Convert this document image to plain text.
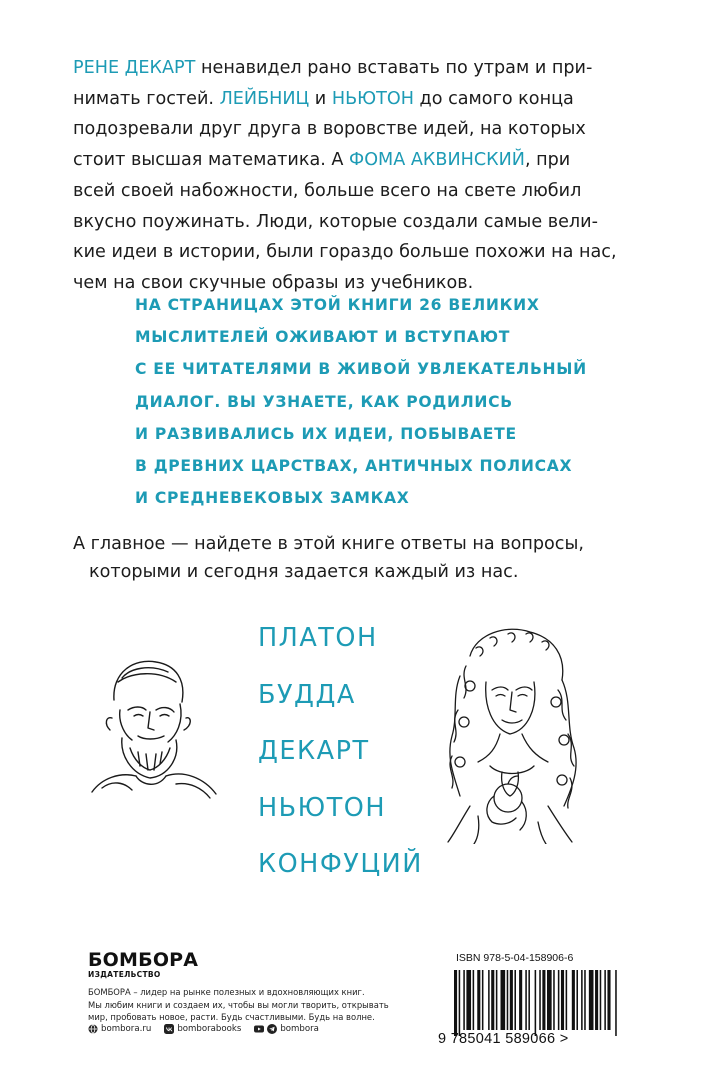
РЕНЕ ДЕКАРТ ненавидел рано вставать по утрам и при-
нимать гостей. ЛЕЙБНИЦ и НЬЮТОН до самого конца
подозревали друг друга в воровстве идей, на которых
стоит высшая математика. А ФОМА АКВИНСКИЙ, при
всей своей набожности, больше всего на свете любил
вкусно поужинать. Люди, которые создали самые вели-
кие идеи в истории, были гораздо больше похожи на нас,
чем на свои скучные образы из учебников.
НА СТРАНИЦАХ ЭТОЙ КНИГИ 26 ВЕЛИКИХ
МЫСЛИТЕЛЕЙ ОЖИВАЮТ И ВСТУПАЮТ
С ЕЕ ЧИТАТЕЛЯМИ В ЖИВОЙ УВЛЕКАТЕЛЬНЫЙ
ДИАЛОГ. ВЫ УЗНАЕТЕ, КАК РОДИЛИСЬ
И РАЗВИВАЛИСЬ ИХ ИДЕИ, ПОБЫВАЕТЕ
В ДРЕВНИХ ЦАРСТВАХ, АНТИЧНЫХ ПОЛИСАХ
И СРЕДНЕВЕКОВЫХ ЗАМКАХ
А главное — найдете в этой книге ответы на вопросы,
которыми и сегодня задается каждый из нас.
ПЛАТОН
БУДДА
ДЕКАРТ
НЬЮТОН
КОНФУЦИЙ
БОМБОРА
ИЗДАТЕЛЬСТВО
БОМБОРА – лидер на рынке полезных и вдохновляющих книг.
Мы любим книги и создаем их, чтобы вы могли творить, открывать
мир, пробовать новое, расти. Будь счастливыми. Будь на волне.
bombora.ru	bomborabooks	bombora
ISBN 978-5-04-158906-6
9 785041 589066 >
